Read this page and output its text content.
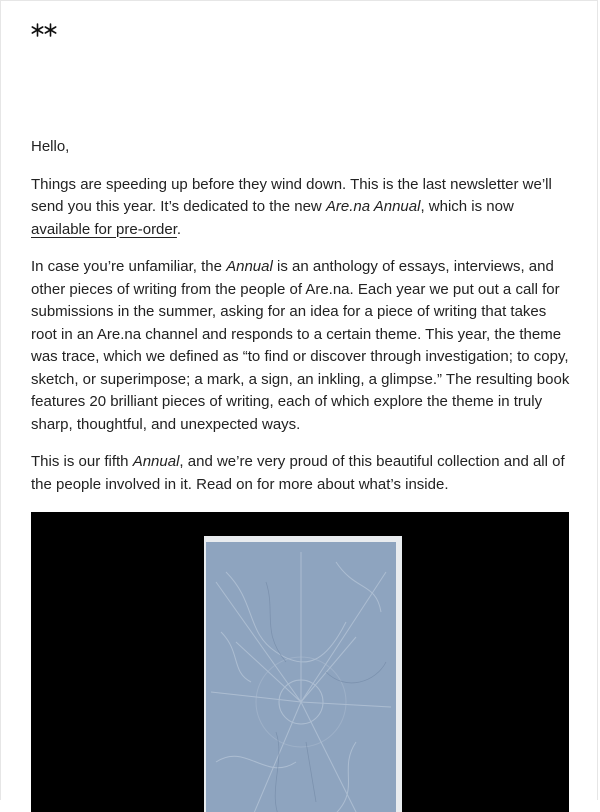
Hello,

Things are speeding up before they wind down. This is the last newsletter we’ll send you this year. It’s dedicated to the new Are.na Annual, which is now available for pre-order.

In case you’re unfamiliar, the Annual is an anthology of essays, interviews, and other pieces of writing from the people of Are.na. Each year we put out a call for submissions in the summer, asking for an idea for a piece of writing that takes root in an Are.na channel and responds to a certain theme. This year, the theme was trace, which we defined as “to find or discover through investigation; to copy, sketch, or superimpose; a mark, a sign, an inkling, a glimpse.” The resulting book features 20 brilliant pieces of writing, each of which explore the theme in truly sharp, thoughtful, and unexpected ways.

This is our fifth Annual, and we’re very proud of this beautiful collection and all of the people involved in it. Read on for more about what’s inside.
